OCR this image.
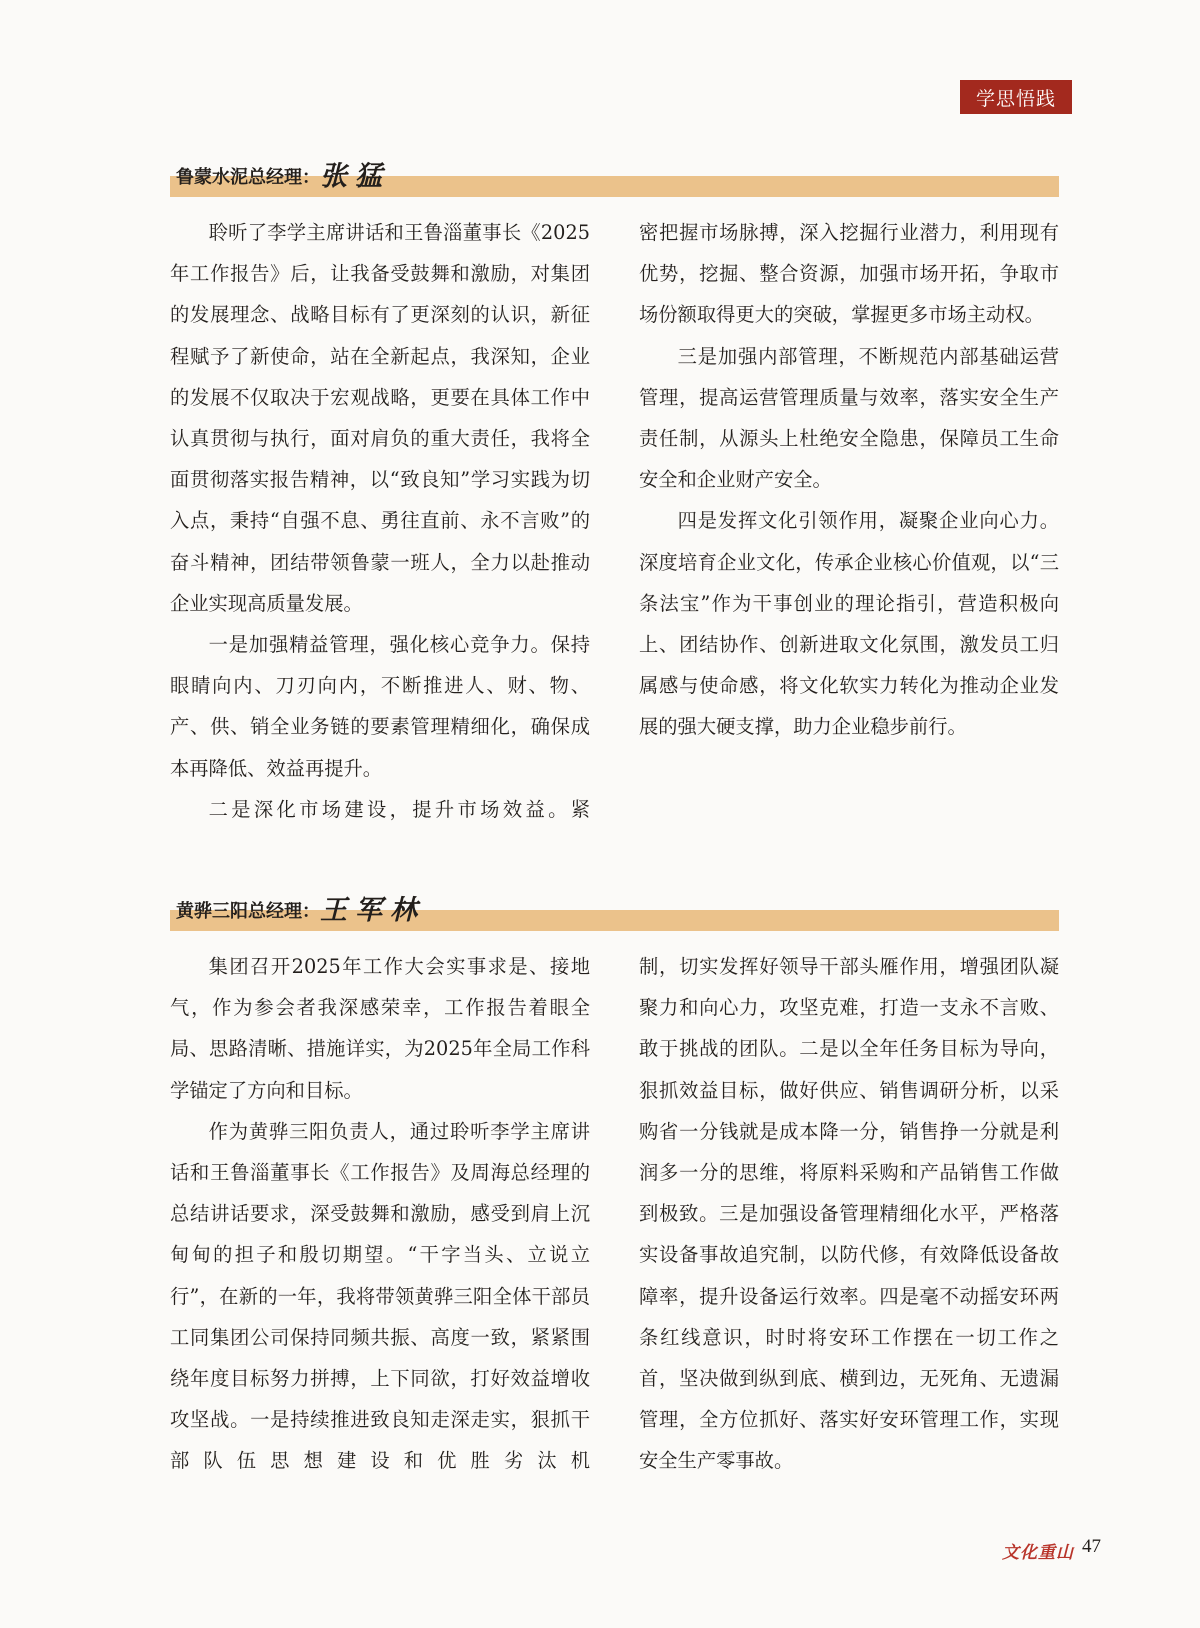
学思悟践
鲁蒙水泥总经理：张猛

聆听了李学主席讲话和王鲁淄董事长《2025年工作报告》后，让我备受鼓舞和激励，对集团的发展理念、战略目标有了更深刻的认识，新征程赋予了新使命，站在全新起点，我深知，企业的发展不仅取决于宏观战略，更要在具体工作中认真贯彻与执行，面对肩负的重大责任，我将全面贯彻落实报告精神，以“致良知”学习实践为切入点，秉持“自强不息、勇往直前、永不言败”的奋斗精神，团结带领鲁蒙一班人，全力以赴推动企业实现高质量发展。

一是加强精益管理，强化核心竞争力。保持眼睛向内、刀刃向内，不断推进人、财、物、产、供、销全业务链的要素管理精细化，确保成本再降低、效益再提升。

二是深化市场建设，提升市场效益。紧

密把握市场脉搏，深入挖掘行业潜力，利用现有优势，挖掘、整合资源，加强市场开拓，争取市场份额取得更大的突破，掌握更多市场主动权。

三是加强内部管理，不断规范内部基础运营管理，提高运营管理质量与效率，落实安全生产责任制，从源头上杜绝安全隐患，保障员工生命安全和企业财产安全。

四是发挥文化引领作用，凝聚企业向心力。深度培育企业文化，传承企业核心价值观，以“三条法宝”作为干事创业的理论指引，营造积极向上、团结协作、创新进取文化氛围，激发员工归属感与使命感，将文化软实力转化为推动企业发展的强大硬支撑，助力企业稳步前行。

黄骅三阳总经理：王军林

集团召开2025年工作大会实事求是、接地气，作为参会者我深感荣幸，工作报告着眼全局、思路清晰、措施详实，为2025年全局工作科学锚定了方向和目标。

作为黄骅三阳负责人，通过聆听李学主席讲话和王鲁淄董事长《工作报告》及周海总经理的总结讲话要求，深受鼓舞和激励，感受到肩上沉甸甸的担子和殷切期望。“干字当头、立说立行”，在新的一年，我将带领黄骅三阳全体干部员工同集团公司保持同频共振、高度一致，紧紧围绕年度目标努力拼搏，上下同欲，打好效益增收攻坚战。一是持续推进致良知走深走实，狠抓干部队伍思想建设和优胜劣汰机

制，切实发挥好领导干部头雁作用，增强团队凝聚力和向心力，攻坚克难，打造一支永不言败、敢于挑战的团队。二是以全年任务目标为导向，狠抓效益目标，做好供应、销售调研分析，以采购省一分钱就是成本降一分，销售挣一分就是利润多一分的思维，将原料采购和产品销售工作做到极致。三是加强设备管理精细化水平，严格落实设备事故追究制，以防代修，有效降低设备故障率，提升设备运行效率。四是毫不动摇安环两条红线意识，时时将安环工作摆在一切工作之首，坚决做到纵到底、横到边，无死角、无遗漏管理，全方位抓好、落实好安环管理工作，实现安全生产零事故。

文化重山 47
